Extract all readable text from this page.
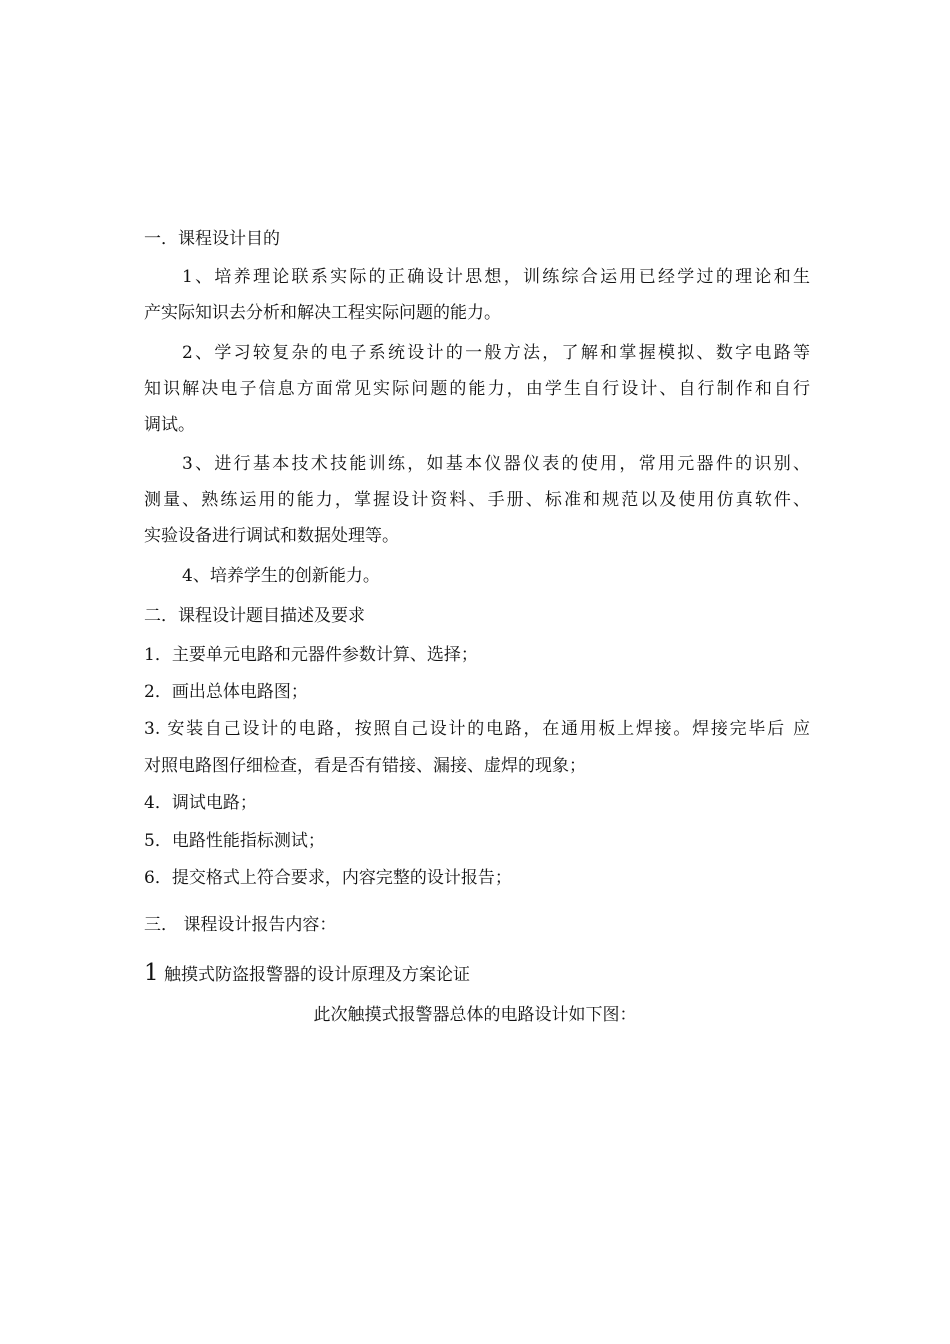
一．课程设计目的
1、培养理论联系实际的正确设计思想，训练综合运用已经学过的理论和生
产实际知识去分析和解决工程实际问题的能力。
2、学习较复杂的电子系统设计的一般方法，了解和掌握模拟、数字电路等
知识解决电子信息方面常见实际问题的能力，由学生自行设计、自行制作和自行
调试。
3、进行基本技术技能训练，如基本仪器仪表的使用，常用元器件的识别、
测量、熟练运用的能力，掌握设计资料、手册、标准和规范以及使用仿真软件、
实验设备进行调试和数据处理等。
4、培养学生的创新能力。
二．课程设计题目描述及要求
1．主要单元电路和元器件参数计算、选择；
2．画出总体电路图；
3. 安装自己设计的电路，按照自己设计的电路，在通用板上焊接。焊接完毕后 应
对照电路图仔细检查，看是否有错接、漏接、虚焊的现象；
4．调试电路；
5．电路性能指标测试；
6．提交格式上符合要求，内容完整的设计报告；
三． 课程设计报告内容：
1 触摸式防盗报警器的设计原理及方案论证
此次触摸式报警器总体的电路设计如下图：
